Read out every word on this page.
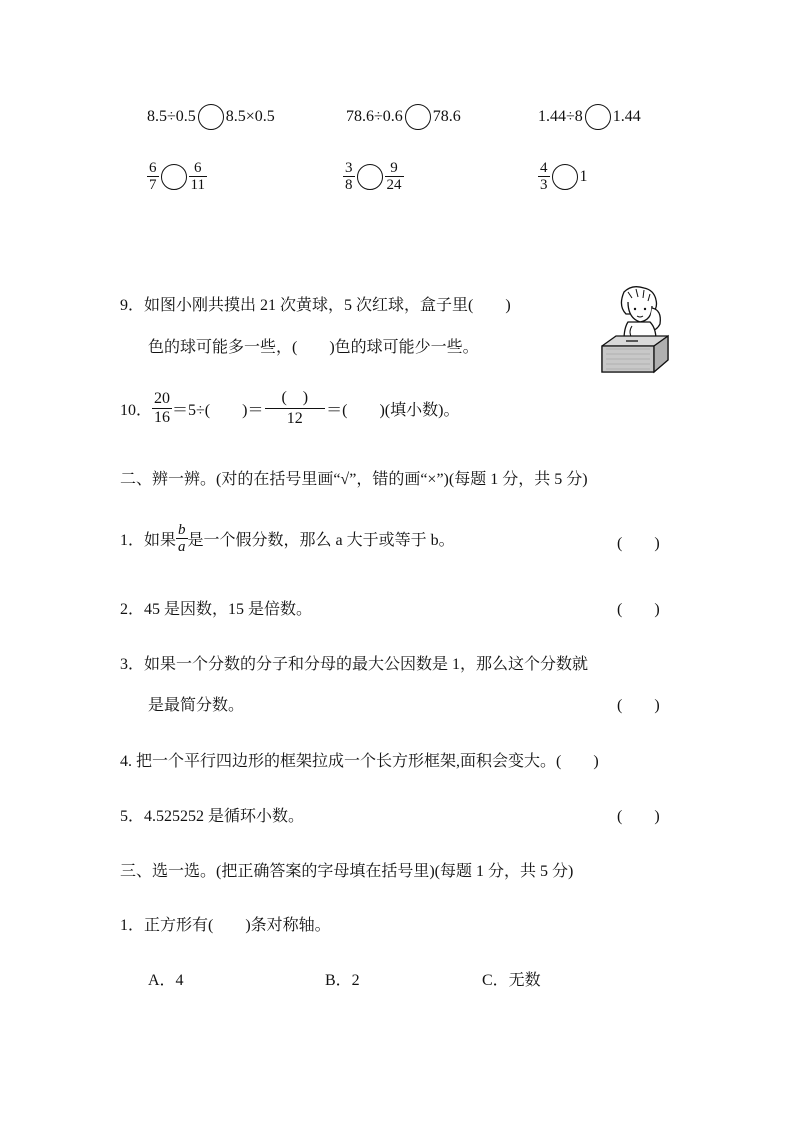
8.5÷0.5 8.5×0.5	78.6÷0.6 78.6	1.44÷8 1.44
$\frac{6}{7} \frac{6}{11}$	$\frac{3}{8} \frac{9}{24}$	$\frac{4}{3} 1$
9．如图小刚共摸出 21 次黄球，5 次红球，盒子里(　　)
色的球可能多一些，(　　)色的球可能少一些。
10． $\frac{20}{16} =5\div$(　　)＝ $\frac{( )}{12}$ ＝(　　)(填小数)。
二、辨一辨。(对的在括号里画“√”，错的画“×”)(每题 1 分，共 5 分)
1．如果 $\frac{b}{a}$ 是一个假分数，那么 a 大于或等于 b。	(　　)
2．45 是因数，15 是倍数。	(　　)
3．如果一个分数的分子和分母的最大公因数是 1，那么这个分数就
是最简分数。	(　　)
4. 把一个平行四边形的框架拉成一个长方形框架,面积会变大。(　　)
5．4.525252 是循环小数。	(　　)
三、选一选。(把正确答案的字母填在括号里)(每题 1 分，共 5 分)
1．正方形有(　　)条对称轴。
A．4	B．2	C．无数
